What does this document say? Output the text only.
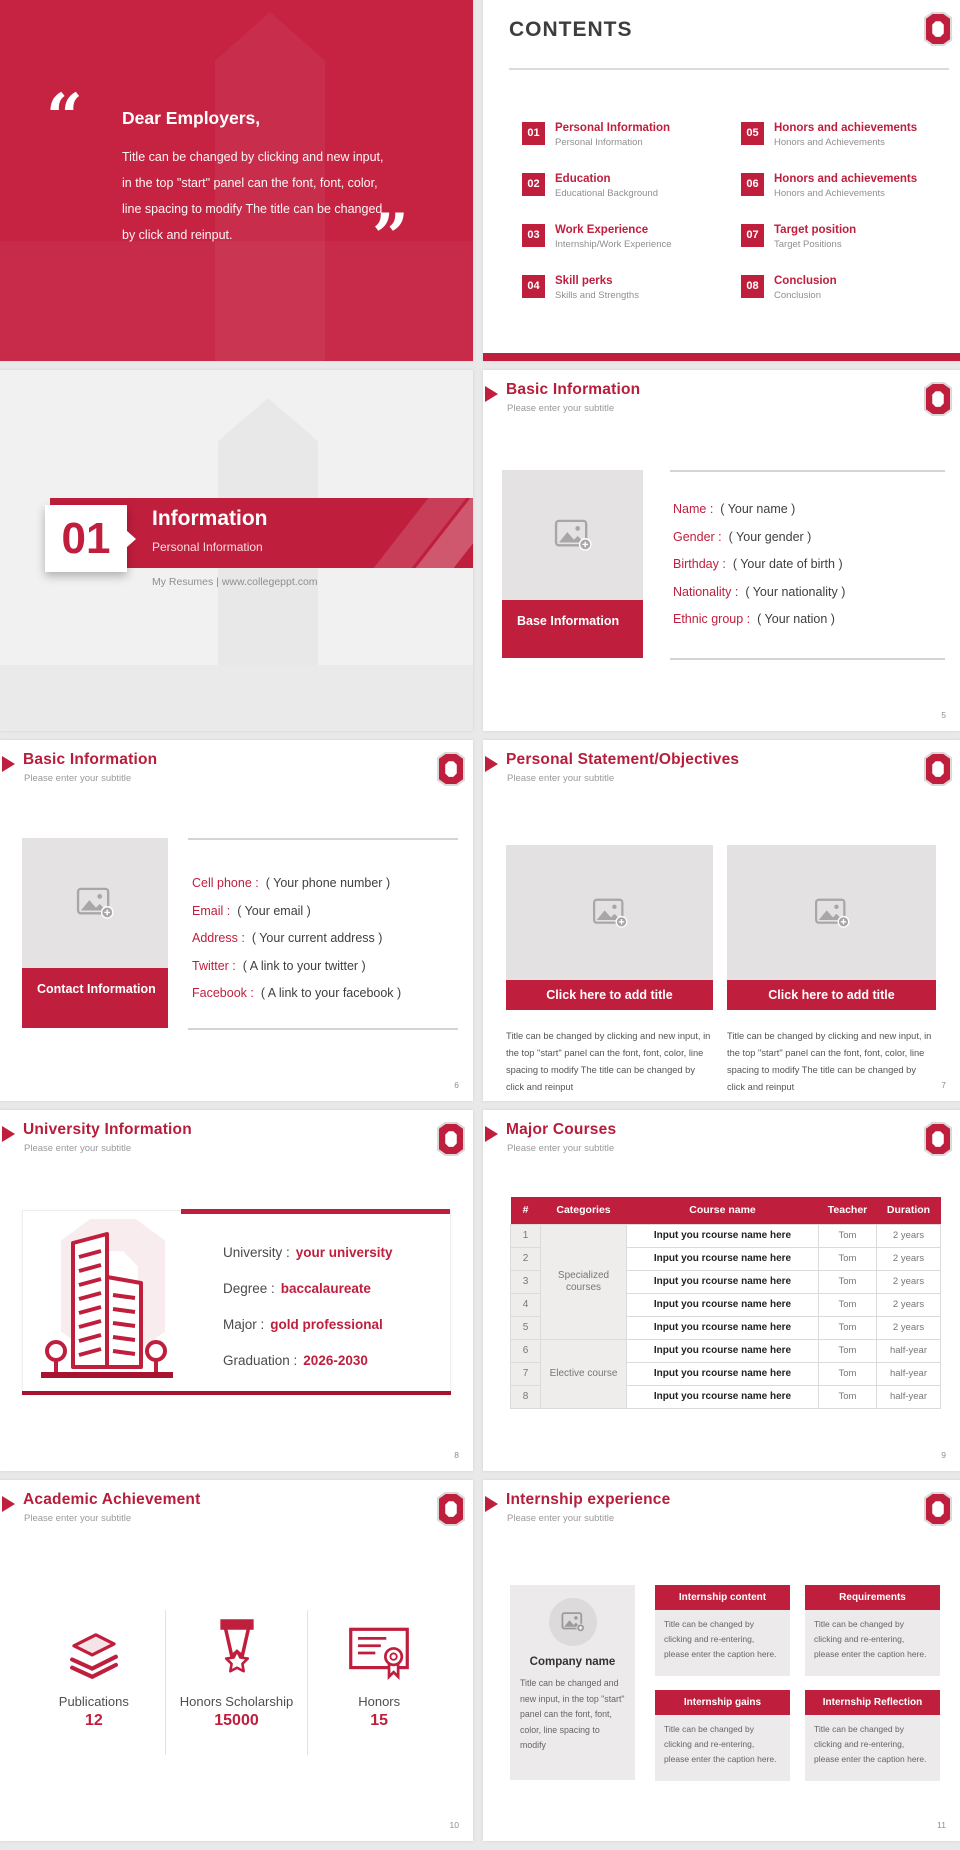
“ Dear Employers,
Title can be changed by clicking and new input, in the top "start" panel can the font, font, color, line spacing to modify The title can be changed by click and reinput.	”
CONTENTS
01	Personal Information
Personal Information
02	Education
Educational Background
03	Work Experience
Internship/Work Experience
04	Skill perks
Skills and Strengths
05	Honors and achievements
Honors and Achievements
06	Honors and achievements
Honors and Achievements
07	Target position
Target Positions
08	Conclusion
Conclusion
Information
Personal Information
01
My Resumes | www.collegeppt.com
Basic Information
Please enter your subtitle
Base Information
Name : ( Your name )
Gender : ( Your gender )
Birthday : ( Your date of birth )
Nationality : ( Your nationality )
Ethnic group : ( Your nation )
5
Basic Information
Please enter your subtitle
Contact Information
Cell phone : ( Your phone number )
Email : ( Your email )
Address : ( Your current address )
Twitter : ( A link to your twitter )
Facebook : ( A link to your facebook )
6
Personal Statement/Objectives
Please enter your subtitle
Click here to add title
Title can be changed by clicking and new input, in the top "start" panel can the font, font, color, line spacing to modify The title can be changed by click and reinput
Click here to add title
Title can be changed by clicking and new input, in the top "start" panel can the font, font, color, line spacing to modify The title can be changed by click and reinput	7
University Information
Please enter your subtitle
University : your university
Degree : baccalaureate
Major : gold professional
Graduation : 2026-2030
8
Major Courses
Please enter your subtitle
#	Categories	Course name	Teacher	Duration
1	Specialized courses	Input you rcourse name here	Tom	2 years
2		Input you rcourse name here	Tom	2 years
3		Input you rcourse name here	Tom	2 years
4		Input you rcourse name here	Tom	2 years
5		Input you rcourse name here	Tom	2 years
6	Elective course	Input you rcourse name here	Tom	half-year
7		Input you rcourse name here	Tom	half-year
8		Input you rcourse name here	Tom	half-year
9
Academic Achievement
Please enter your subtitle
Publications
12
Honors Scholarship
15000
Honors
15
10
Internship experience
Please enter your subtitle
Company name
Title can be changed and new input, in the top "start" panel can the font, font, color, line spacing to modify
Internship content
Title can be changed by clicking and re-entering, please enter the caption here.
Requirements
Title can be changed by clicking and re-entering, please enter the caption here.
Internship gains
Title can be changed by clicking and re-entering, please enter the caption here.
Internship Reflection
Title can be changed by clicking and re-entering, please enter the caption here.
11
